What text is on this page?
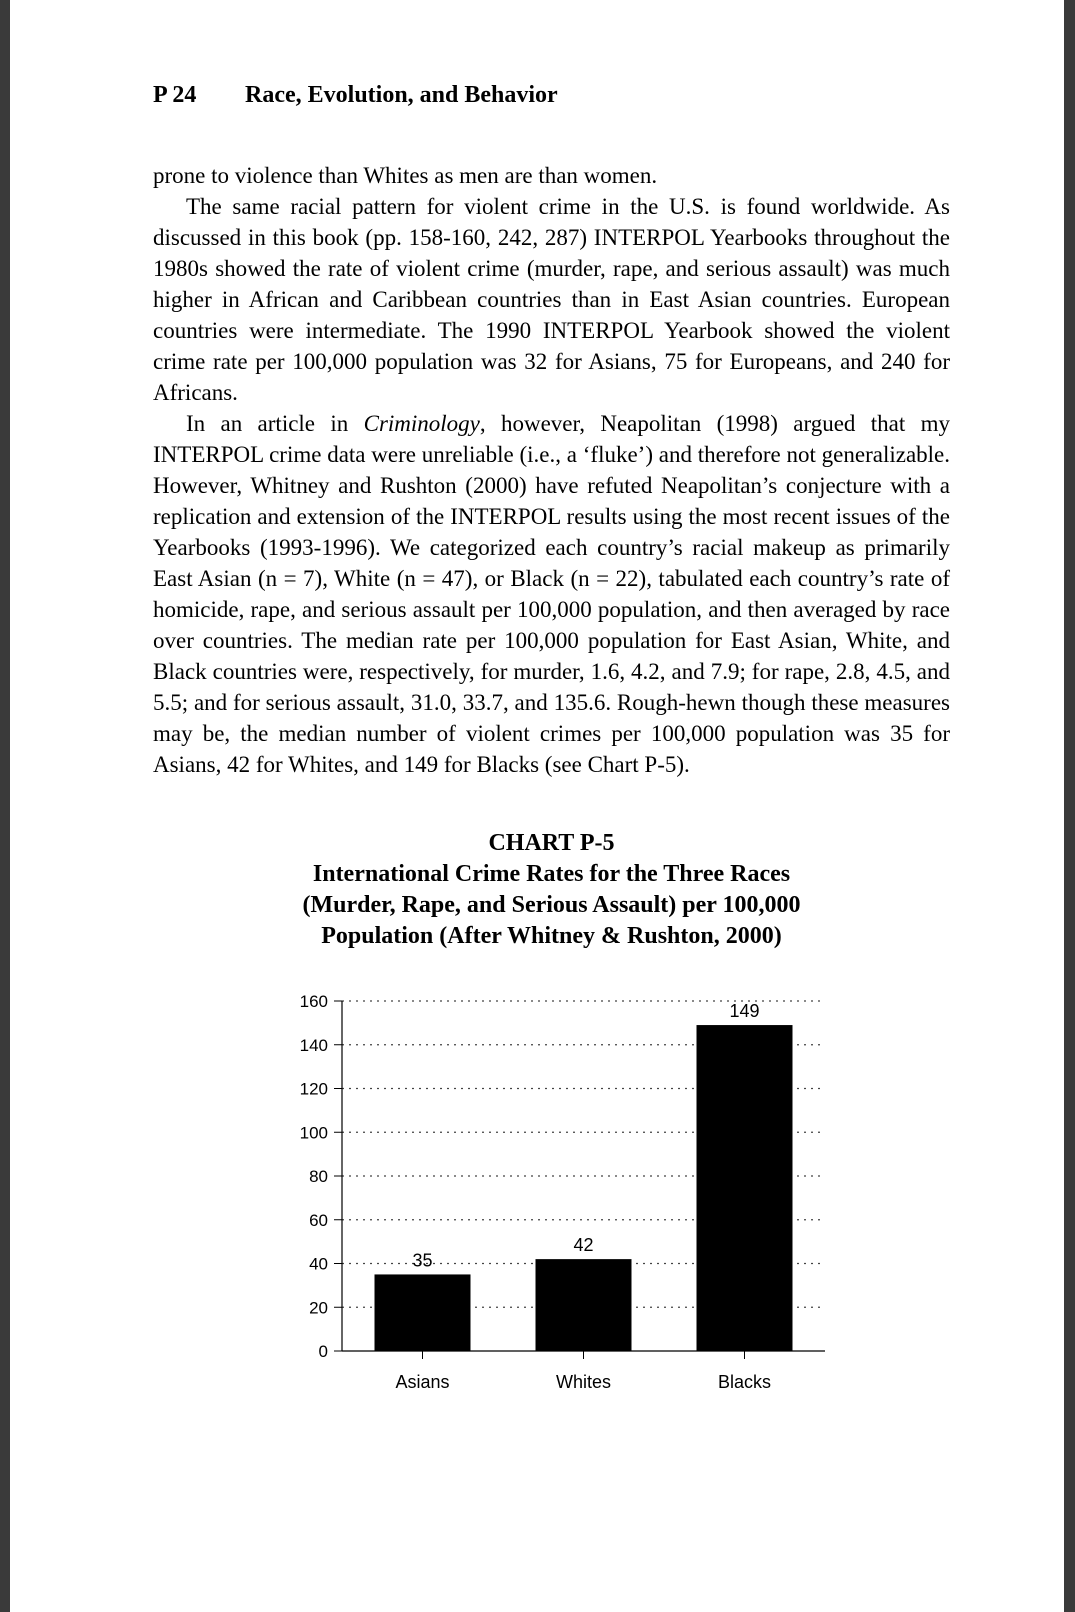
P 24 Race, Evolution, and Behavior

prone to violence than Whites as men are than women.

The same racial pattern for violent crime in the U.S. is found worldwide. As discussed in this book (pp. 158-160, 242, 287) INTERPOL Yearbooks throughout the 1980s showed the rate of violent crime (murder, rape, and serious assault) was much higher in African and Caribbean countries than in East Asian countries. European countries were intermediate. The 1990 INTERPOL Yearbook showed the violent crime rate per 100,000 population was 32 for Asians, 75 for Europeans, and 240 for Africans.

In an article in Criminology, however, Neapolitan (1998) argued that my INTERPOL crime data were unreliable (i.e., a ‘fluke’) and therefore not generalizable. However, Whitney and Rushton (2000) have refuted Neapolitan’s conjecture with a replication and extension of the INTERPOL results using the most recent issues of the Yearbooks (1993-1996). We categorized each country’s racial makeup as primarily East Asian (n = 7), White (n = 47), or Black (n = 22), tabulated each country’s rate of homicide, rape, and serious assault per 100,000 population, and then averaged by race over countries. The median rate per 100,000 population for East Asian, White, and Black countries were, respectively, for murder, 1.6, 4.2, and 7.9; for rape, 2.8, 4.5, and 5.5; and for serious assault, 31.0, 33.7, and 135.6. Rough-hewn though these measures may be, the median number of violent crimes per 100,000 population was 35 for Asians, 42 for Whites, and 149 for Blacks (see Chart P-5).

CHART P-5
International Crime Rates for the Three Races
(Murder, Rape, and Serious Assault) per 100,000
Population (After Whitney & Rushton, 2000)
0
20
40
60
80
100
120
140
160
Asians
35
Whites
42
Blacks
149
